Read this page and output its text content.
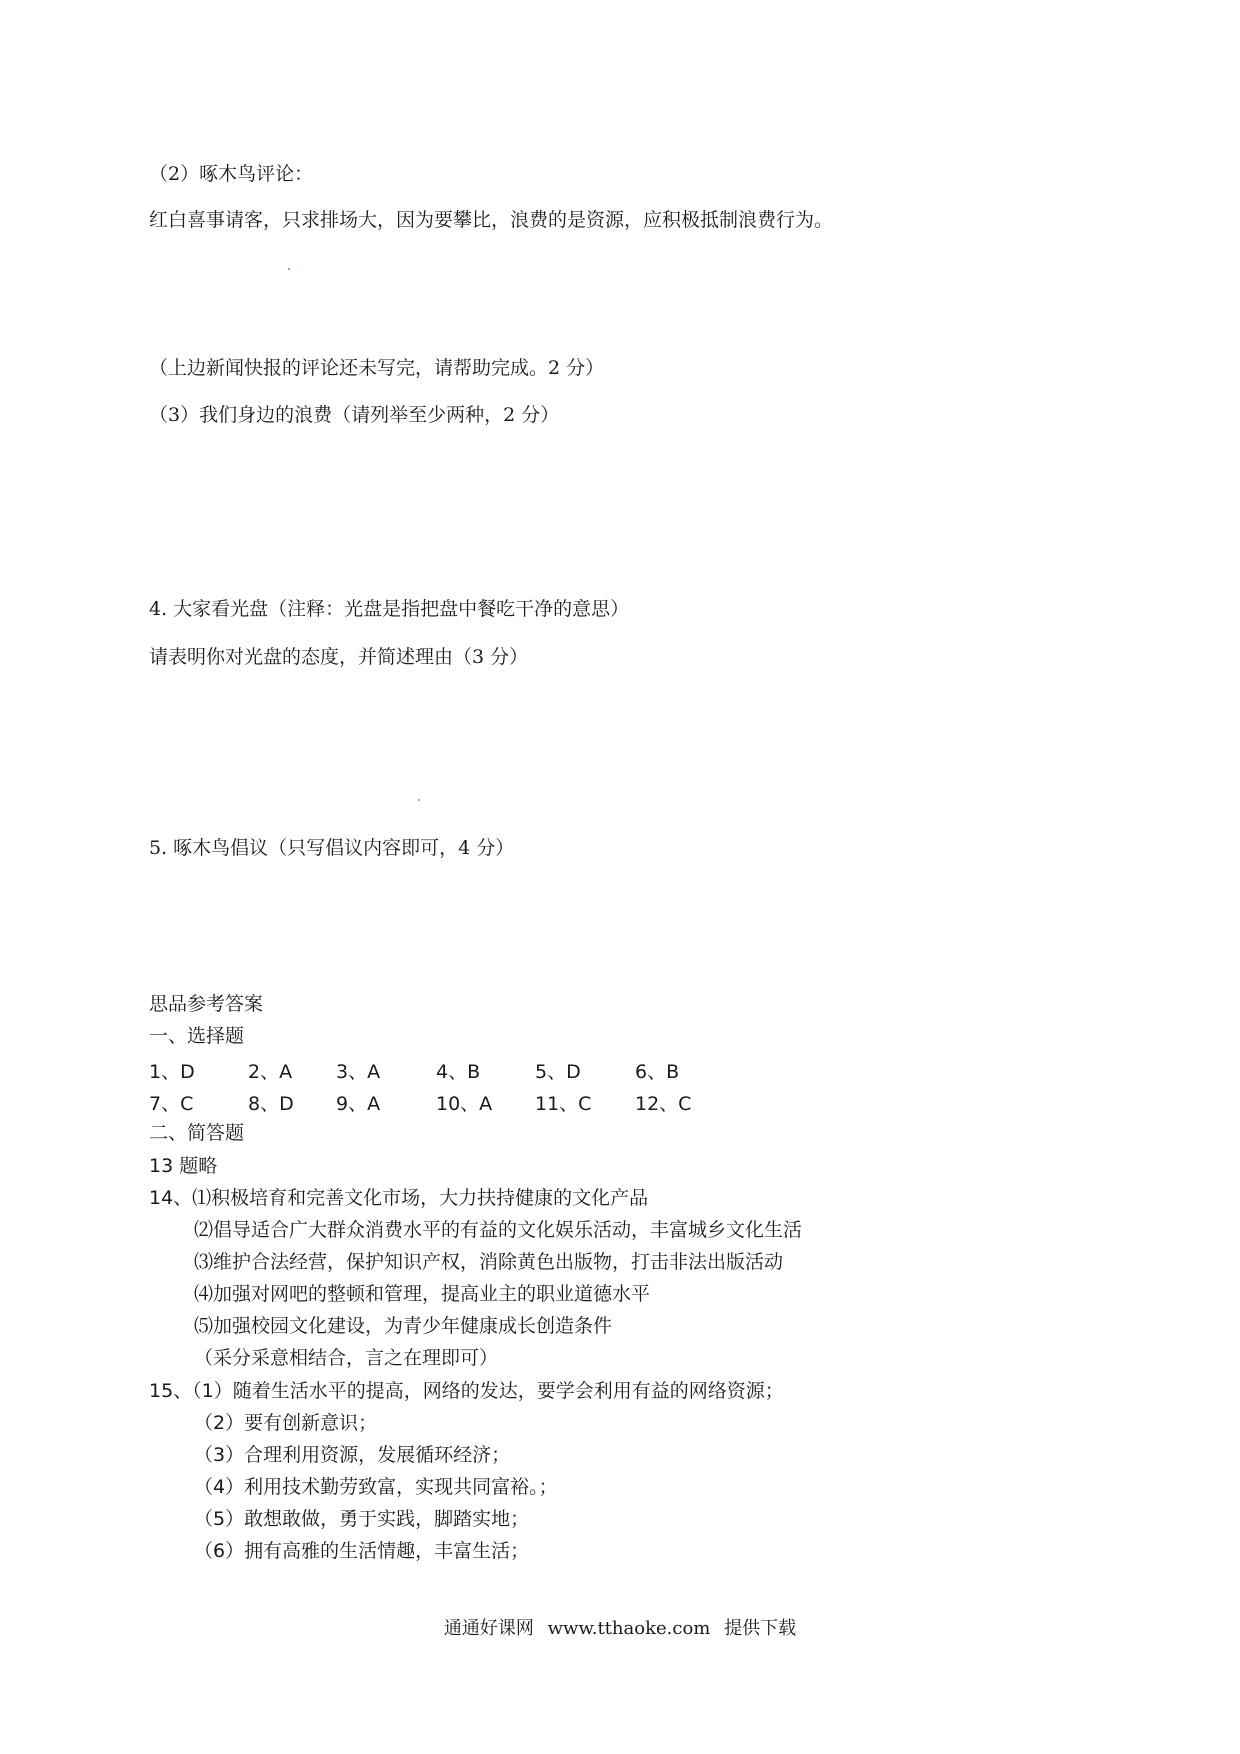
（2）啄木鸟评论：
红白喜事请客，只求排场大，因为要攀比，浪费的是资源，应积极抵制浪费行为。
（上边新闻快报的评论还未写完，请帮助完成。2 分）
（3）我们身边的浪费（请列举至少两种，2 分）
4. 大家看光盘（注释：光盘是指把盘中餐吃干净的意思）
请表明你对光盘的态度，并简述理由（3 分）
5. 啄木鸟倡议（只写倡议内容即可，4 分）
思品参考答案
一、选择题
1、D	2、A 3、A	4、B	5、D	6、B
7、C	8、D 9、A	10、A 11、C 12、C
二、简答题
13 题略
14、⑴积极培育和完善文化市场，大力扶持健康的文化产品
⑵倡导适合广大群众消费水平的有益的文化娱乐活动，丰富城乡文化生活
⑶维护合法经营，保护知识产权，消除黄色出版物，打击非法出版活动
⑷加强对网吧的整顿和管理，提高业主的职业道德水平
⑸加强校园文化建设，为青少年健康成长创造条件
（采分采意相结合，言之在理即可）
15、（1）随着生活水平的提高，网络的发达，要学会利用有益的网络资源；
（2）要有创新意识；
（3）合理利用资源，发展循环经济；
（4）利用技术勤劳致富，实现共同富裕。；
（5）敢想敢做，勇于实践，脚踏实地；
（6）拥有高雅的生活情趣，丰富生活；
通通好课网 www.tthaoke.com 提供下载
